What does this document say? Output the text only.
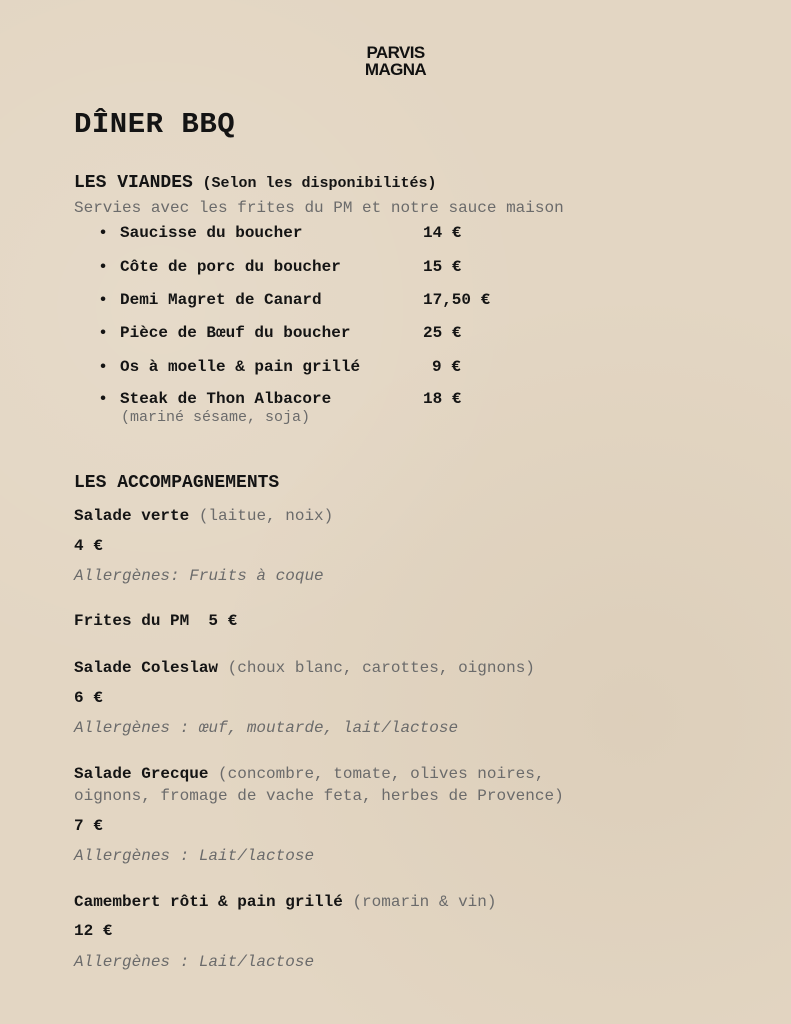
PARVIS
MAGNA
DÎNER BBQ
LES VIANDES (Selon les disponibilités)
Servies avec les frites du PM et notre sauce maison
• Saucisse du boucher	14 €
• Côte de porc du boucher	15 €
• Demi Magret de Canard	17,50 €
• Pièce de Bœuf du boucher	25 €
• Os à moelle & pain grillé	9 €
• Steak de Thon Albacore	18 €
(mariné sésame, soja)
LES ACCOMPAGNEMENTS
Salade verte (laitue, noix)
4 €
Allergènes: Fruits à coque
Frites du PM 5 €
Salade Coleslaw (choux blanc, carottes, oignons)
6 €
Allergènes : œuf, moutarde, lait/lactose
Salade Grecque (concombre, tomate, olives noires,
oignons, fromage de vache feta, herbes de Provence)
7 €
Allergènes : Lait/lactose
Camembert rôti & pain grillé (romarin & vin)
12 €
Allergènes : Lait/lactose
